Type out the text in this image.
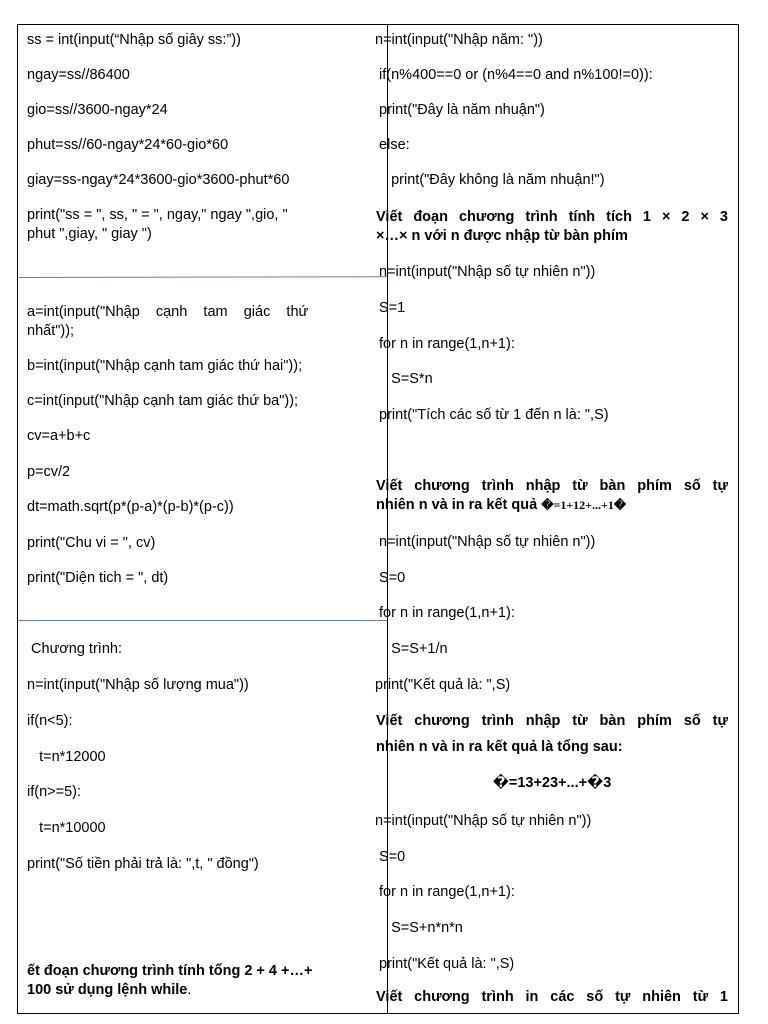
ss = int(input(“Nhập số giây ss:”))
ngay=ss//86400
gio=ss//3600-ngay*24
phut=ss//60-ngay*24*60-gio*60
giay=ss-ngay*24*3600-gio*3600-phut*60
print("ss = ", ss, " = ", ngay," ngay ",gio, "
phut ",giay, " giay ")
a=int(input("Nhập    cạnh    tam    giác    thứ
nhất"));
b=int(input("Nhập cạnh tam giác thứ hai"));
c=int(input("Nhập cạnh tam giác thứ ba"));
cv=a+b+c
p=cv/2
dt=math.sqrt(p*(p-a)*(p-b)*(p-c))
print("Chu vi = ", cv)
print("Diện tich = ", dt)
Chương trình:
n=int(input("Nhập số lượng mua"))
if(n<5):
t=n*12000
if(n>=5):
t=n*10000
print("Số tiền phải trả là: ",t, " đồng")
ết đoạn chương trình tính tổng 2 + 4 +…+
100 sử dụng lệnh while.
n=int(input("Nhập năm: "))
if(n%400==0 or (n%4==0 and n%100!=0)):
print("Đây là năm nhuận")
else:
print("Đây không là năm nhuận!")
Viết đoạn chương trình tính tích 1 × 2 × 3
×…× n với n được nhập từ bàn phím
n=int(input("Nhập số tự nhiên n"))
S=1
for n in range(1,n+1):
S=S*n
print("Tích các số từ 1 đến n là: ",S)
Viết chương trình nhập từ bàn phím số tự
nhiên n và in ra kết quả �=1+12+...+1�
n=int(input("Nhập số tự nhiên n"))
S=0
for n in range(1,n+1):
S=S+1/n
print("Kết quả là: ",S)
Viết chương trình nhập từ bàn phím số tự
nhiên n và in ra kết quả là tổng sau:
�=13+23+...+�3
n=int(input("Nhập số tự nhiên n"))
S=0
for n in range(1,n+1):
S=S+n*n*n
print("Kết quả là: ",S)
Viết chương trình in các số tự nhiên từ 1
